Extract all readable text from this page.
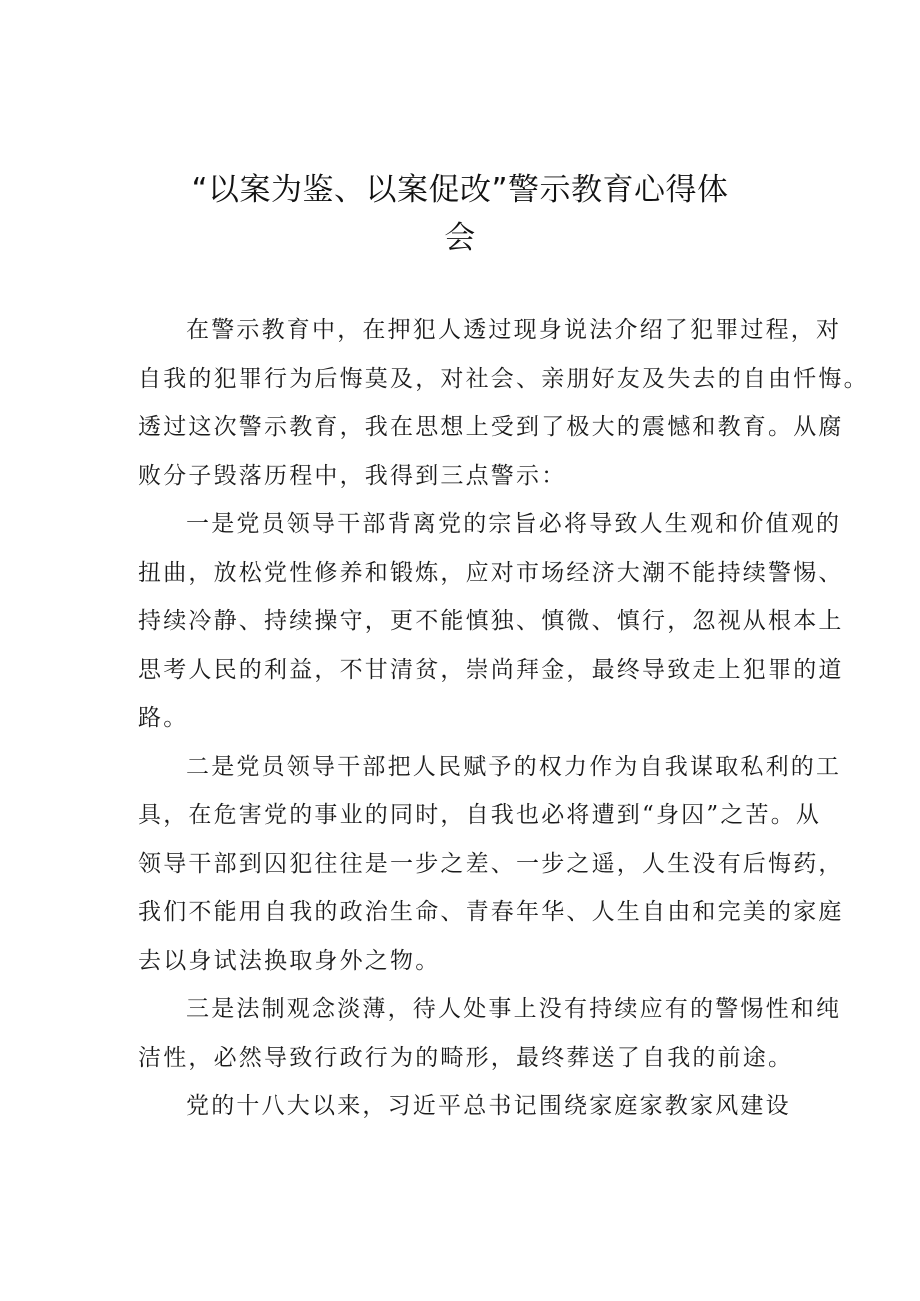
“以案为鉴、以案促改”警示教育心得体
会

在警示教育中，在押犯人透过现身说法介绍了犯罪过程，对
自我的犯罪行为后悔莫及，对社会、亲朋好友及失去的自由忏悔。
透过这次警示教育，我在思想上受到了极大的震憾和教育。从腐
败分子毁落历程中，我得到三点警示：

一是党员领导干部背离党的宗旨必将导致人生观和价值观的
扭曲，放松党性修养和锻炼，应对市场经济大潮不能持续警惕、
持续冷静、持续操守，更不能慎独、慎微、慎行，忽视从根本上
思考人民的利益，不甘清贫，崇尚拜金，最终导致走上犯罪的道
路。

二是党员领导干部把人民赋予的权力作为自我谋取私利的工
具，在危害党的事业的同时，自我也必将遭到“身囚”之苦。从
领导干部到囚犯往往是一步之差、一步之遥，人生没有后悔药，
我们不能用自我的政治生命、青春年华、人生自由和完美的家庭
去以身试法换取身外之物。

三是法制观念淡薄，待人处事上没有持续应有的警惕性和纯
洁性，必然导致行政行为的畸形，最终葬送了自我的前途。

党的十八大以来，习近平总书记围绕家庭家教家风建设
